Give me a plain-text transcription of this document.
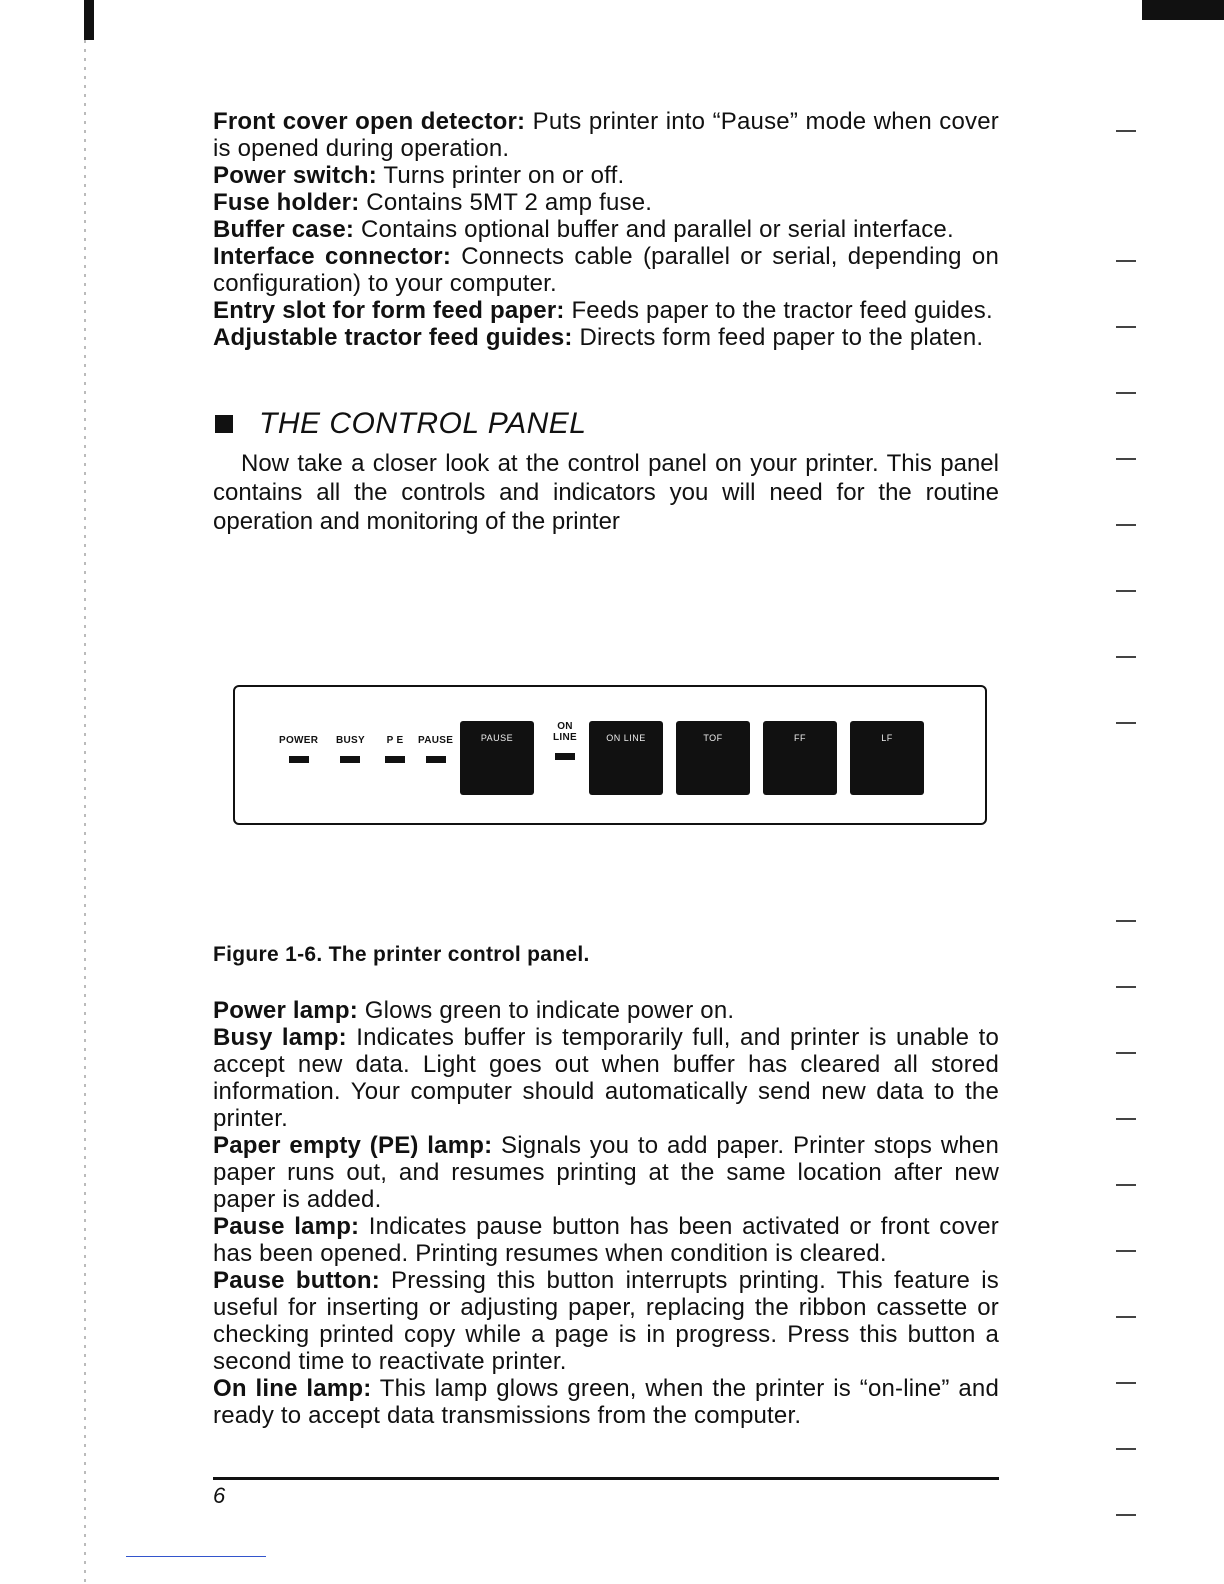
Front cover open detector: Puts printer into “Pause” mode when cover is opened during operation.

Power switch: Turns printer on or off.

Fuse holder: Contains 5MT 2 amp fuse.

Buffer case: Contains optional buffer and parallel or serial interface.

Interface connector: Connects cable (parallel or serial, depending on configuration) to your computer.

Entry slot for form feed paper: Feeds paper to the tractor feed guides.

Adjustable tractor feed guides: Directs form feed paper to the platen.

THE CONTROL PANEL

Now take a closer look at the control panel on your printer. This panel contains all the controls and indicators you will need for the routine operation and monitoring of the printer

POWER BUSY P E PAUSE	PAUSE
ON
LINE	ON LINE	TOF	FF	LF
Figure 1-6. The printer control panel.

Power lamp: Glows green to indicate power on.

Busy lamp: Indicates buffer is temporarily full, and printer is unable to accept new data. Light goes out when buffer has cleared all stored information. Your computer should automatically send new data to the printer.

Paper empty (PE) lamp: Signals you to add paper. Printer stops when paper runs out, and resumes printing at the same location after new paper is added.

Pause lamp: Indicates pause button has been activated or front cover has been opened. Printing resumes when condition is cleared.

Pause button: Pressing this button interrupts printing. This feature is useful for inserting or adjusting paper, replacing the ribbon cassette or checking printed copy while a page is in progress. Press this button a second time to reactivate printer.

On line lamp: This lamp glows green, when the printer is “on-line” and ready to accept data transmissions from the computer.

6
